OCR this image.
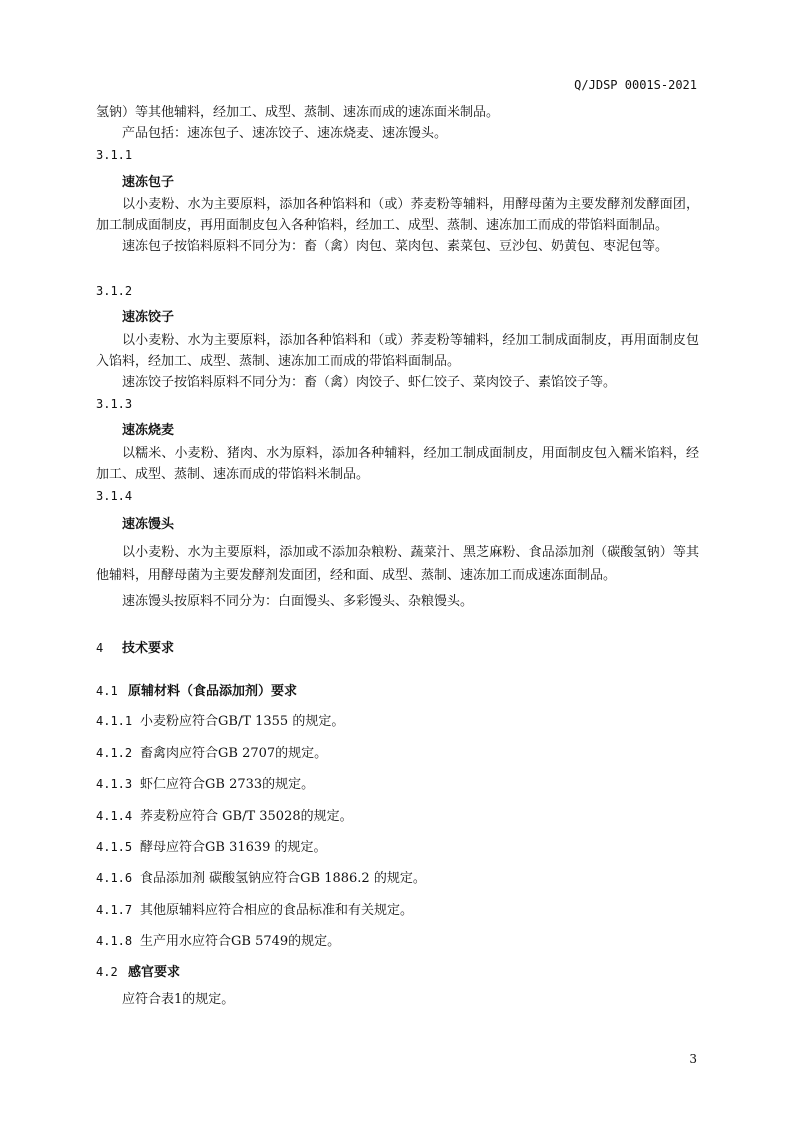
Q/JDSP 0001S-2021
氢钠）等其他辅料，经加工、成型、蒸制、速冻而成的速冻面米制品。
产品包括：速冻包子、速冻饺子、速冻烧麦、速冻馒头。
3.1.1
速冻包子
以小麦粉、水为主要原料，添加各种馅料和（或）荞麦粉等辅料，用酵母菌为主要发酵剂发酵面团，加工制成面制皮，再用面制皮包入各种馅料，经加工、成型、蒸制、速冻加工而成的带馅料面制品。
速冻包子按馅料原料不同分为：畜（禽）肉包、菜肉包、素菜包、豆沙包、奶黄包、枣泥包等。
3.1.2
速冻饺子
以小麦粉、水为主要原料，添加各种馅料和（或）荞麦粉等辅料，经加工制成面制皮，再用面制皮包入馅料，经加工、成型、蒸制、速冻加工而成的带馅料面制品。
速冻饺子按馅料原料不同分为：畜（禽）肉饺子、虾仁饺子、菜肉饺子、素馅饺子等。
3.1.3
速冻烧麦
以糯米、小麦粉、猪肉、水为原料，添加各种辅料，经加工制成面制皮，用面制皮包入糯米馅料，经加工、成型、蒸制、速冻而成的带馅料米制品。
3.1.4
速冻馒头
以小麦粉、水为主要原料，添加或不添加杂粮粉、蔬菜汁、黑芝麻粉、食品添加剂（碳酸氢钠）等其他辅料，用酵母菌为主要发酵剂发面团，经和面、成型、蒸制、速冻加工而成速冻面制品。
速冻馒头按原料不同分为：白面馒头、多彩馒头、杂粮馒头。
4 技术要求
4.1 原辅材料（食品添加剂）要求
4.1.1 小麦粉应符合GB/T 1355 的规定。
4.1.2 畜禽肉应符合GB 2707的规定。
4.1.3 虾仁应符合GB 2733的规定。
4.1.4 荞麦粉应符合 GB/T 35028的规定。
4.1.5 酵母应符合GB 31639 的规定。
4.1.6 食品添加剂 碳酸氢钠应符合GB 1886.2 的规定。
4.1.7 其他原辅料应符合相应的食品标准和有关规定。
4.1.8 生产用水应符合GB 5749的规定。
4.2 感官要求
应符合表1的规定。
3
